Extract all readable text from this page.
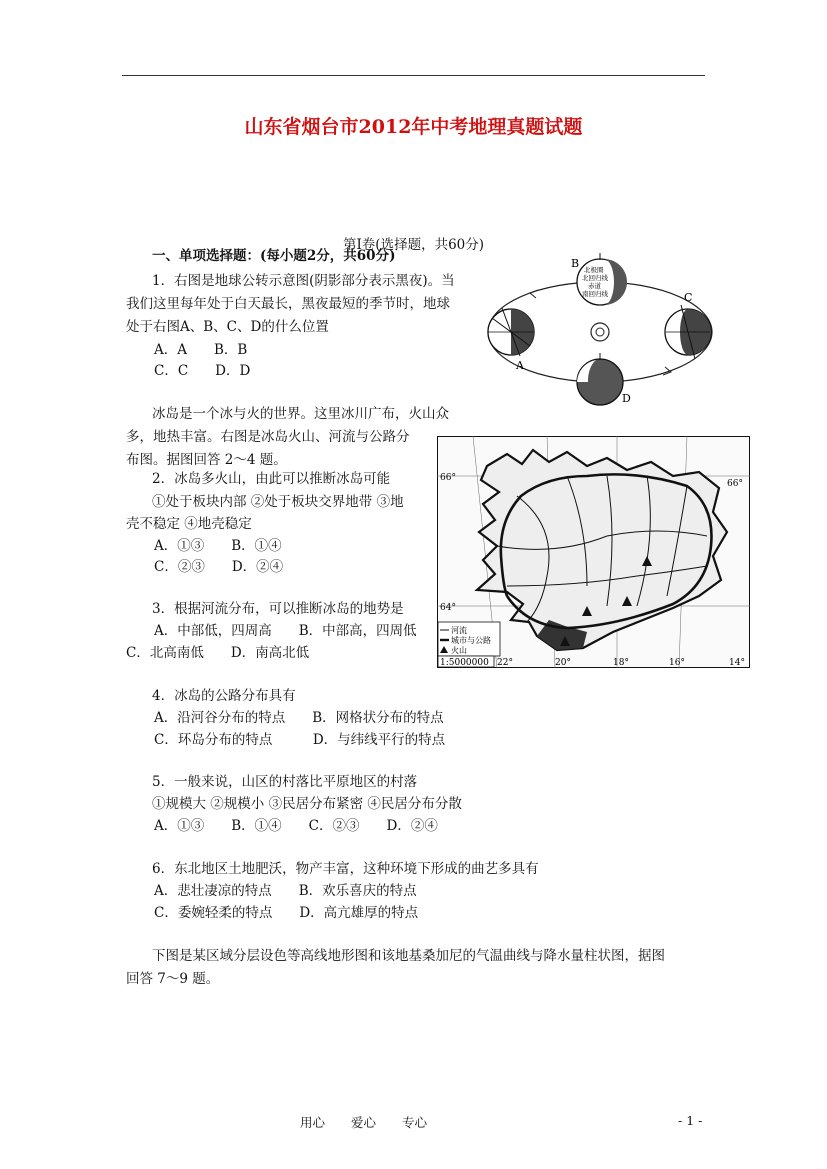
山东省烟台市2012年中考地理真题试题
第Ⅰ卷(选择题，共60分)
一、单项选择题：(每小题2分，共60分)
1．右图是地球公转示意图(阴影部分表示黑夜)。当
我们这里每年处于白天最长，黑夜最短的季节时，地球
处于右图A、B、C、D的什么位置
A．A　　B．B
C．C　　D．D	A
北极圈
北回归线
赤道
南回归线
B
C
D
冰岛是一个冰与火的世界。这里冰川广布，火山众
多，地热丰富。右图是冰岛火山、河流与公路分
布图。据图回答 2～4 题。
2．冰岛多火山，由此可以推断冰岛可能
①处于板块内部 ②处于板块交界地带 ③地
壳不稳定 ④地壳稳定
A．①③　　B．①④
C．②③　　D．②④
66°
66°
64°
22°	20°	18°	16°	14°
河流
城市与公路
火山
1:5000000
3．根据河流分布，可以推断冰岛的地势是
A．中部低，四周高　　B．中部高，四周低
C．北高南低　　D．南高北低
4．冰岛的公路分布具有
A．沿河谷分布的特点　　B．网格状分布的特点
C．环岛分布的特点　　　D．与纬线平行的特点
5．一般来说，山区的村落比平原地区的村落
①规模大 ②规模小 ③民居分布紧密 ④民居分布分散
A．①③　　B．①④　　C．②③　　D．②④
6．东北地区土地肥沃，物产丰富，这种环境下形成的曲艺多具有
A．悲壮凄凉的特点　　B．欢乐喜庆的特点
C．委婉轻柔的特点　　D．高亢雄厚的特点
下图是某区域分层设色等高线地形图和该地基桑加尼的气温曲线与降水量柱状图，据图
回答 7～9 题。
用心 爱心 专心	- 1 -
